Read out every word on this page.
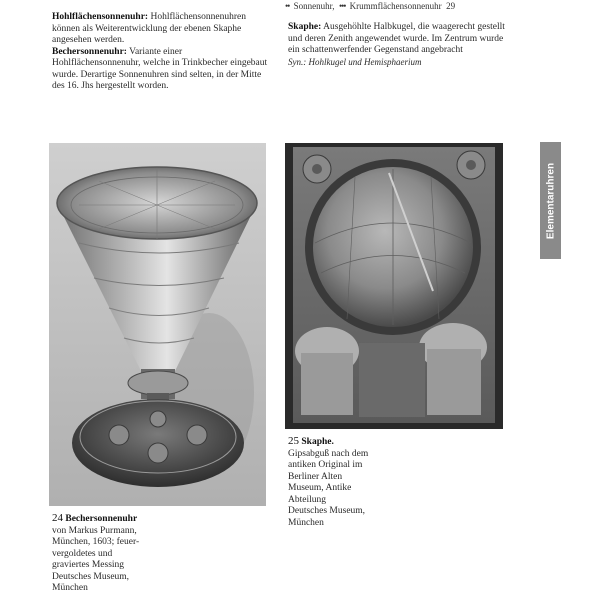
•• Sonnenuhr, ••• Krummflächensonnenuhr 29
Hohlflächensonnenuhr: Hohlflächensonnenuhren können als Weiterentwicklung der ebenen Skaphe angesehen werden.
Bechersonnenuhr: Variante einer Hohlflächensonnenuhr, welche in Trinkbecher eingebaut wurde. Derartige Sonnenuhren sind selten, in der Mitte des 16. Jhs hergestellt worden.
Skaphe: Ausgehöhlte Halbkugel, die waagerecht gestellt und deren Zenith angewendet wurde. Im Zentrum wurde ein schattenwerfender Gegenstand angebracht
Syn.: Hohlkugel und Hemisphaerium
Elementaruhren
24 Bechersonnenuhr
von Markus Purmann,
München, 1603; feuer-
vergoldetes und
graviertes Messing
Deutsches Museum,
München
25 Skaphe.
Gipsabguß nach dem
antiken Original im
Berliner Alten
Museum, Antike
Abteilung
Deutsches Museum,
München
